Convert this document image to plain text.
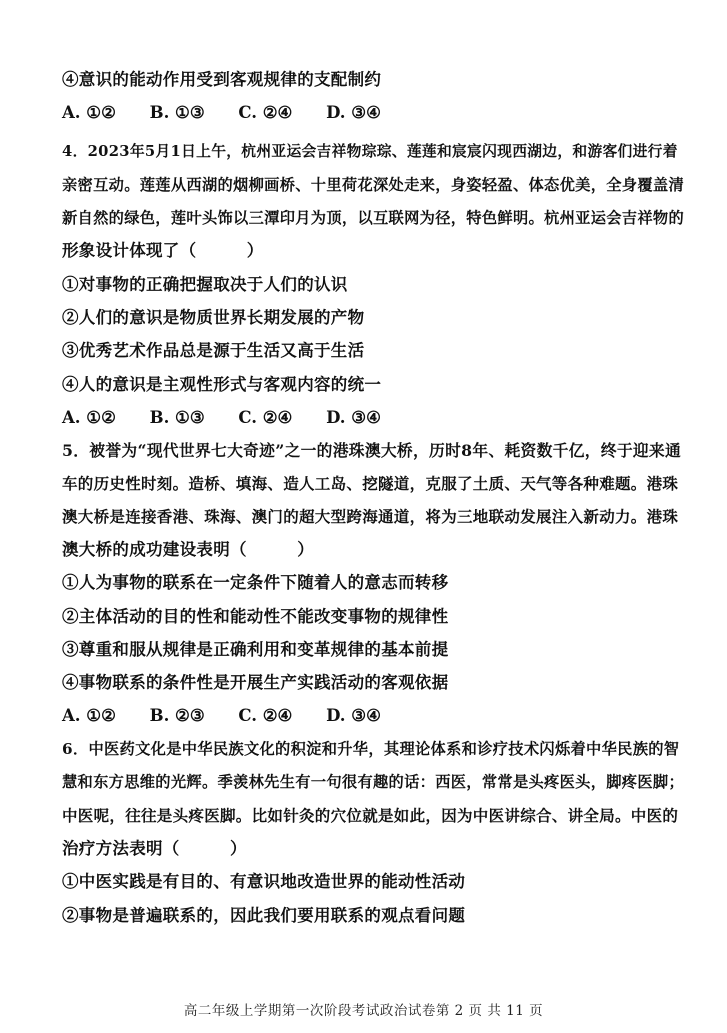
④意识的能动作用受到客观规律的支配制约
A. ①② B. ①③ C. ②④ D. ③④
4．2023年5月1日上午，杭州亚运会吉祥物琮琮、莲莲和宸宸闪现西湖边，和游客们进行着
亲密互动。莲莲从西湖的烟柳画桥、十里荷花深处走来，身姿轻盈、体态优美，全身覆盖清
新自然的绿色，莲叶头饰以三潭印月为顶，以互联网为径，特色鲜明。杭州亚运会吉祥物的
形象设计体现了（　　　）
①对事物的正确把握取决于人们的认识
②人们的意识是物质世界长期发展的产物
③优秀艺术作品总是源于生活又高于生活
④人的意识是主观性形式与客观内容的统一
A. ①② B. ①③ C. ②④ D. ③④
5．被誉为“现代世界七大奇迹”之一的港珠澳大桥，历时8年、耗资数千亿，终于迎来通
车的历史性时刻。造桥、填海、造人工岛、挖隧道，克服了土质、天气等各种难题。港珠
澳大桥是连接香港、珠海、澳门的超大型跨海通道，将为三地联动发展注入新动力。港珠
澳大桥的成功建设表明（　　　）
①人为事物的联系在一定条件下随着人的意志而转移
②主体活动的目的性和能动性不能改变事物的规律性
③尊重和服从规律是正确利用和变革规律的基本前提
④事物联系的条件性是开展生产实践活动的客观依据
A. ①② B. ②③ C. ②④ D. ③④
6．中医药文化是中华民族文化的积淀和升华，其理论体系和诊疗技术闪烁着中华民族的智
慧和东方思维的光辉。季羡林先生有一句很有趣的话：西医，常常是头疼医头，脚疼医脚；
中医呢，往往是头疼医脚。比如针灸的穴位就是如此，因为中医讲综合、讲全局。中医的
治疗方法表明（　　　）
①中医实践是有目的、有意识地改造世界的能动性活动
②事物是普遍联系的，因此我们要用联系的观点看问题
高二年级上学期第一次阶段考试政治试卷第 2 页 共 11 页
